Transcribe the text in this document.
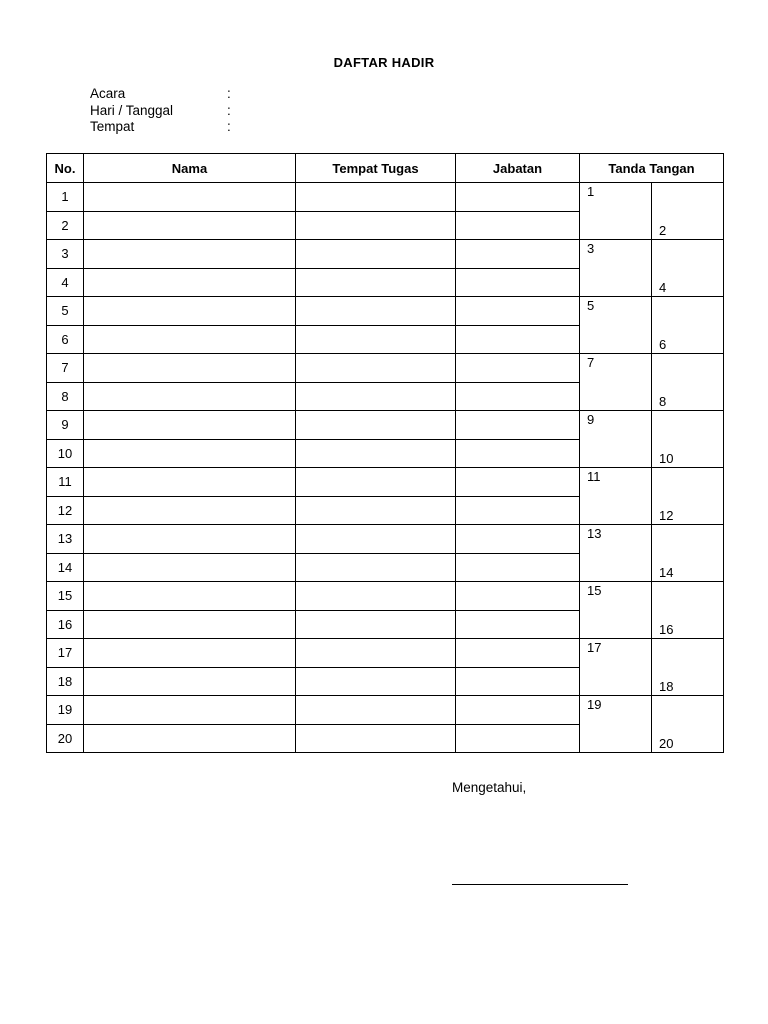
DAFTAR HADIR
Acara	:
Hari / Tanggal	:
Tempat	:
No.	Nama	Tempat Tugas	Jabatan	Tanda Tangan	
1				1	2
2					
3				3	4
4					
5				5	6
6					
7				7	8
8					
9				9	10
10					
11				11	12
12					
13				13	14
14					
15				15	16
16					
17				17	18
18					
19				19	20
20					
Mengetahui,
